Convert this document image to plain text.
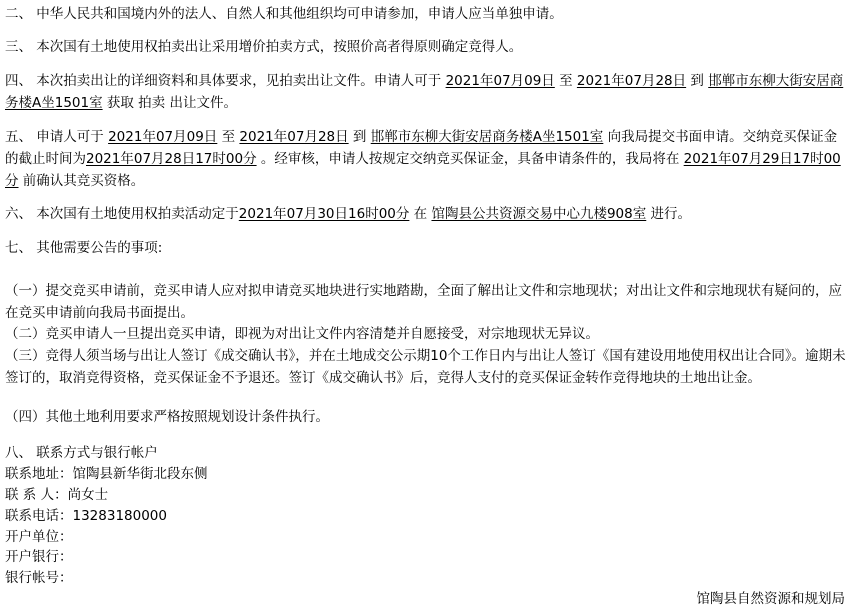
二、 中华人民共和国境内外的法人、自然人和其他组织均可申请参加，申请人应当单独申请。

三、 本次国有土地使用权拍卖出让采用增价拍卖方式，按照价高者得原则确定竞得人。

四、 本次拍卖出让的详细资料和具体要求，见拍卖出让文件。申请人可于 2021年07月09日 至 2021年07月28日 到 邯郸市东柳大街安居商务楼A坐1501室 获取 拍卖 出让文件。

五、 申请人可于 2021年07月09日 至 2021年07月28日 到 邯郸市东柳大街安居商务楼A坐1501室 向我局提交书面申请。交纳竞买保证金的截止时间为2021年07月28日17时00分 。经审核，申请人按规定交纳竞买保证金，具备申请条件的，我局将在 2021年07月29日17时00分 前确认其竞买资格。

六、 本次国有土地使用权拍卖活动定于2021年07月30日16时00分 在 馆陶县公共资源交易中心九楼908室 进行。

七、 其他需要公告的事项:

（一）提交竞买申请前，竞买申请人应对拟申请竞买地块进行实地踏勘，全面了解出让文件和宗地现状；对出让文件和宗地现状有疑问的，应在竞买申请前向我局书面提出。

（二）竞买申请人一旦提出竞买申请，即视为对出让文件内容清楚并自愿接受，对宗地现状无异议。

（三）竞得人须当场与出让人签订《成交确认书》，并在土地成交公示期10个工作日内与出让人签订《国有建设用地使用权出让合同》。逾期未签订的，取消竞得资格，竞买保证金不予退还。签订《成交确认书》后，竞得人支付的竞买保证金转作竞得地块的土地出让金。

（四）其他土地利用要求严格按照规划设计条件执行。

八、 联系方式与银行帐户

联系地址：馆陶县新华街北段东侧

联 系 人：尚女士

联系电话：13283180000

开户单位：

开户银行：

银行帐号：

馆陶县自然资源和规划局
